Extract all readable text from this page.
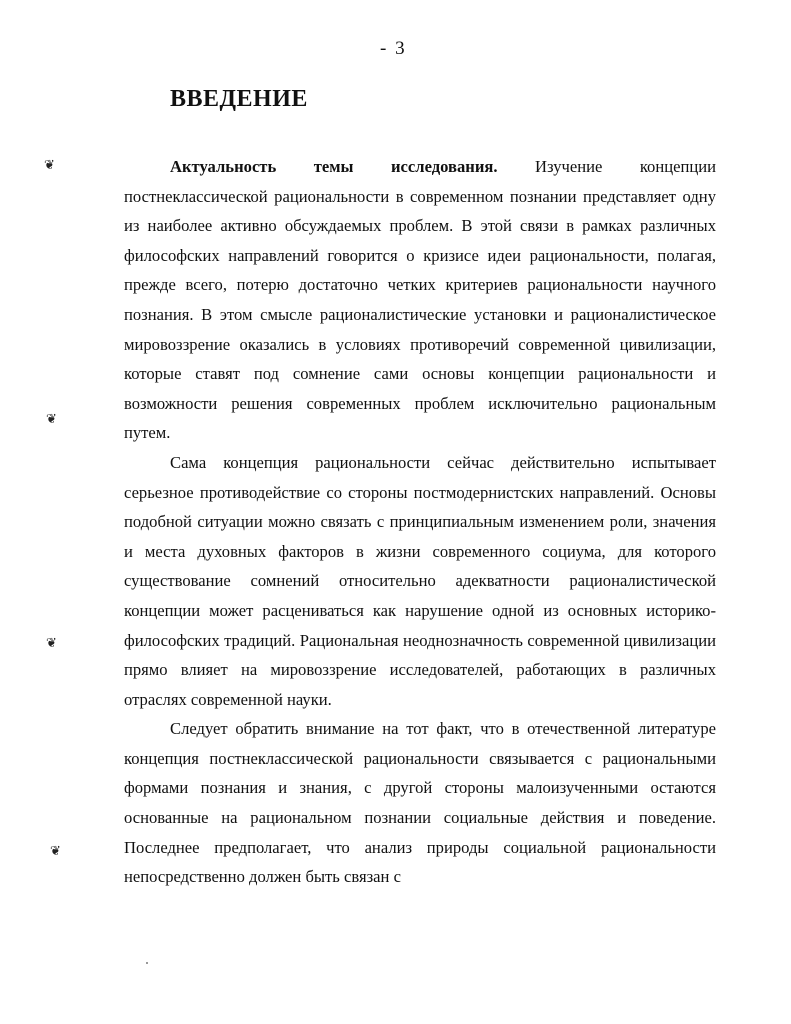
- 3
ВВЕДЕНИЕ
❦
❦
❦
❦

Актуальность темы исследования. Изучение концепции постнеклассической рациональности в современном познании представляет одну из наиболее активно обсуждаемых проблем. В этой связи в рамках различных философских направлений говорится о кризисе идеи рациональности, полагая, прежде всего, потерю достаточно четких критериев рациональности научного познания. В этом смысле рационалистические установки и рационалистическое мировоззрение оказались в условиях противоречий современной цивилизации, которые ставят под сомнение сами основы концепции рациональности и возможности решения современных проблем исключительно рациональным путем.

Сама концепция рациональности сейчас действительно испытывает серьезное противодействие со стороны постмодернистских направлений. Основы подобной ситуации можно связать с принципиальным изменением роли, значения и места духовных факторов в жизни современного социума, для которого существование сомнений относительно адекватности рационалистической концепции может расцениваться как нарушение одной из основных историко-философских традиций. Рациональная неоднозначность современной цивилизации прямо влияет на мировоззрение исследователей, работающих в различных отраслях современной науки.

Следует обратить внимание на тот факт, что в отечественной литературе концепция постнеклассической рациональности связывается с рациональными формами познания и знания, с другой стороны малоизученными остаются основанные на рациональном познании социальные действия и поведение. Последнее предполагает, что анализ природы социальной рациональности непосредственно должен быть связан с
